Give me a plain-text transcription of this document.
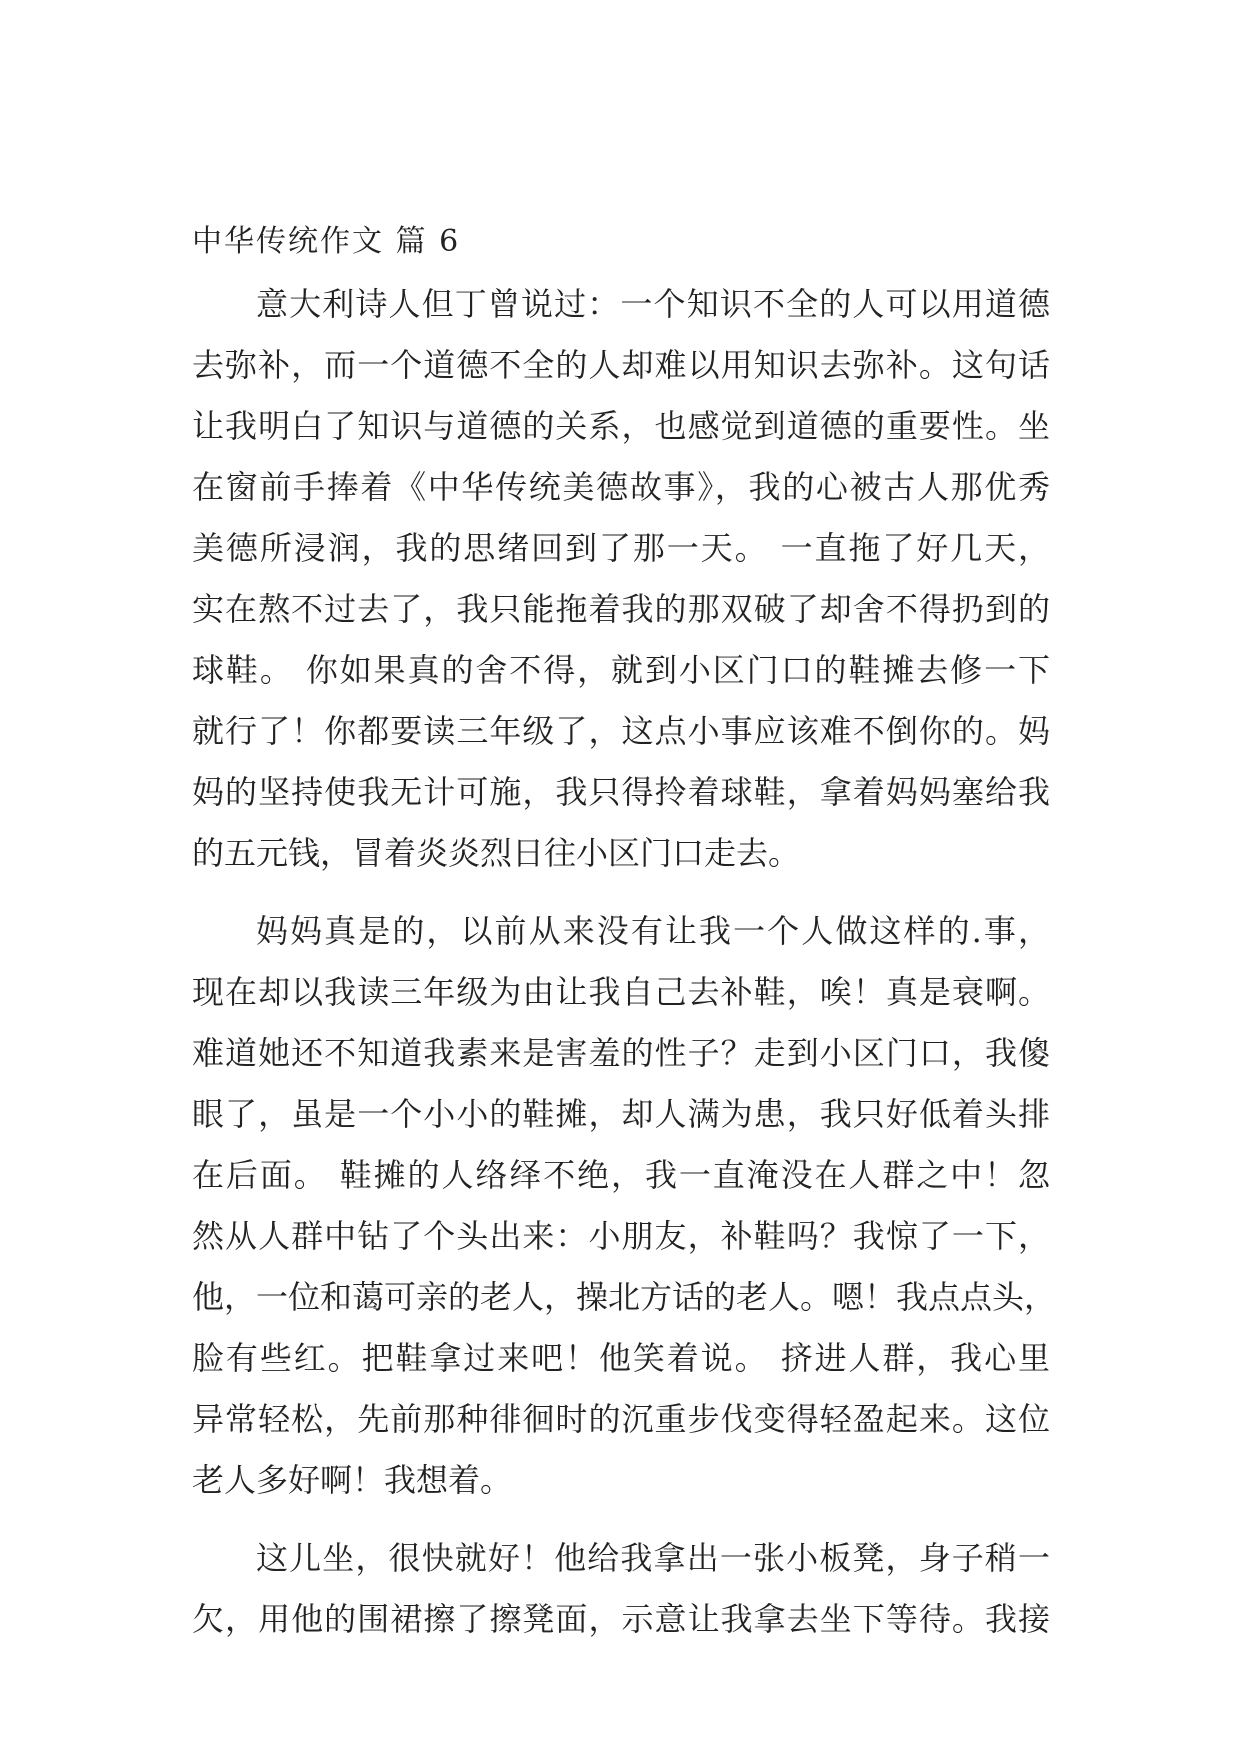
中华传统作文 篇 6
意大利诗人但丁曾说过：一个知识不全的人可以用道德
去弥补，而一个道德不全的人却难以用知识去弥补。这句话
让我明白了知识与道德的关系，也感觉到道德的重要性。坐
在窗前手捧着《中华传统美德故事》，我的心被古人那优秀
美德所浸润，我的思绪回到了那一天。 一直拖了好几天，
实在熬不过去了，我只能拖着我的那双破了却舍不得扔到的
球鞋。 你如果真的舍不得，就到小区门口的鞋摊去修一下
就行了！你都要读三年级了，这点小事应该难不倒你的。妈
妈的坚持使我无计可施，我只得拎着球鞋，拿着妈妈塞给我
的五元钱，冒着炎炎烈日往小区门口走去。
妈妈真是的，以前从来没有让我一个人做这样的.事，
现在却以我读三年级为由让我自己去补鞋，唉！真是衰啊。
难道她还不知道我素来是害羞的性子？走到小区门口，我傻
眼了，虽是一个小小的鞋摊，却人满为患，我只好低着头排
在后面。 鞋摊的人络绎不绝，我一直淹没在人群之中！忽
然从人群中钻了个头出来：小朋友，补鞋吗？我惊了一下，
他，一位和蔼可亲的老人，操北方话的老人。嗯！我点点头，
脸有些红。把鞋拿过来吧！他笑着说。 挤进人群，我心里
异常轻松，先前那种徘徊时的沉重步伐变得轻盈起来。这位
老人多好啊！我想着。
这儿坐，很快就好！他给我拿出一张小板凳，身子稍一
欠，用他的围裙擦了擦凳面，示意让我拿去坐下等待。我接
